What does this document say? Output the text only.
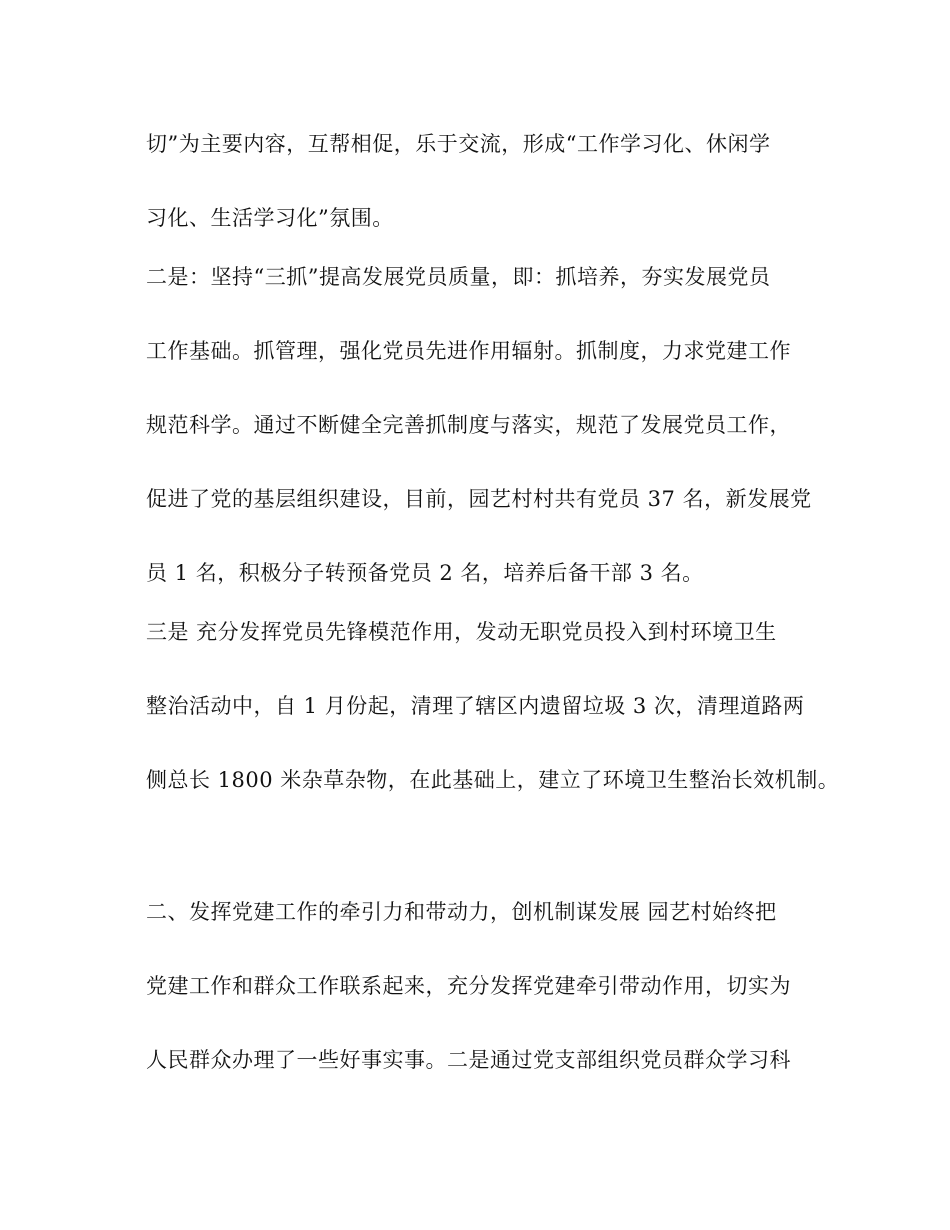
切”为主要内容，互帮相促，乐于交流，形成“工作学习化、休闲学
习化、生活学习化”氛围。
二是：坚持“三抓”提高发展党员质量，即：抓培养，夯实发展党员
工作基础。抓管理，强化党员先进作用辐射。抓制度，力求党建工作
规范科学。通过不断健全完善抓制度与落实，规范了发展党员工作，
促进了党的基层组织建设，目前，园艺村村共有党员 37 名，新发展党
员 1 名，积极分子转预备党员 2 名，培养后备干部 3 名。
三是 充分发挥党员先锋模范作用，发动无职党员投入到村环境卫生
整治活动中，自 1 月份起，清理了辖区内遗留垃圾 3 次，清理道路两
侧总长 1800 米杂草杂物，在此基础上，建立了环境卫生整治长效机制。
二、发挥党建工作的牵引力和带动力，创机制谋发展 园艺村始终把
党建工作和群众工作联系起来，充分发挥党建牵引带动作用，切实为
人民群众办理了一些好事实事。二是通过党支部组织党员群众学习科
